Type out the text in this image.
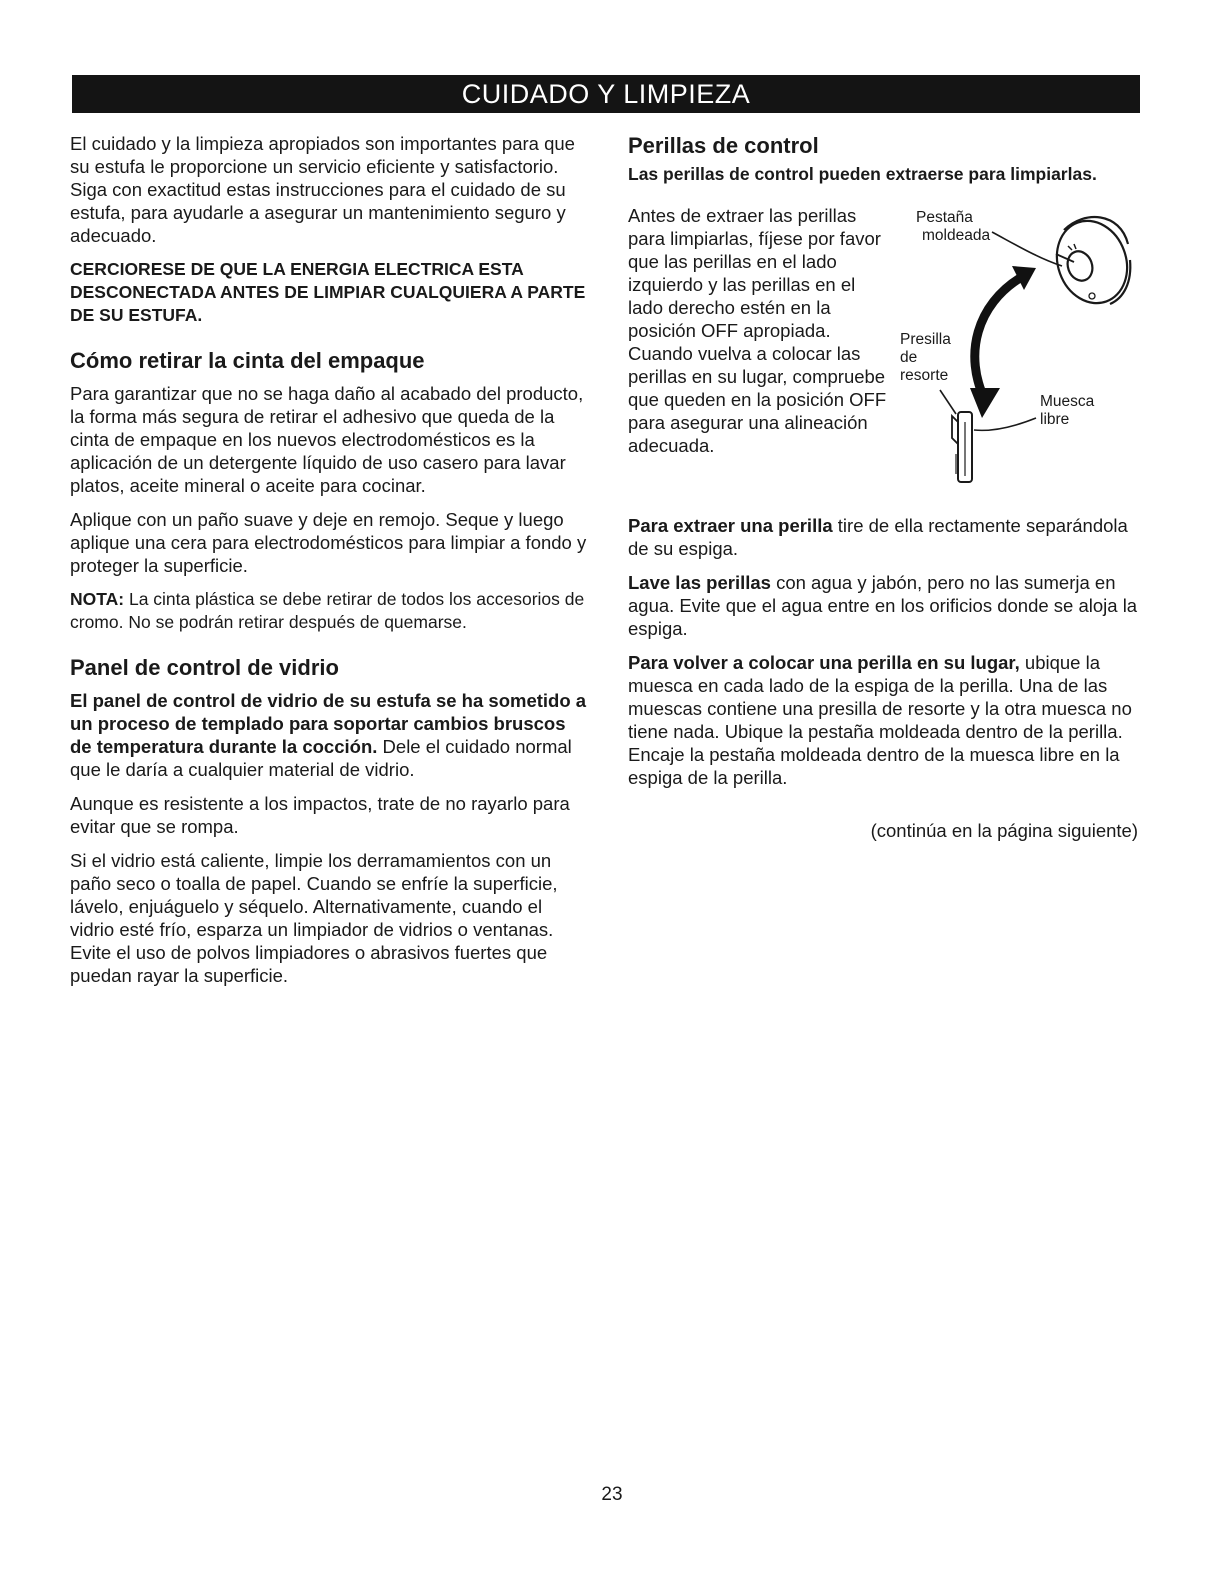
CUIDADO Y LIMPIEZA

El cuidado y la limpieza apropiados son importantes para que su estufa le proporcione un servicio eficiente y satisfactorio. Siga con exactitud estas instrucciones para el cuidado de su estufa, para ayudarle a asegurar un mantenimiento seguro y adecuado.

CERCIORESE DE QUE LA ENERGIA ELECTRICA ESTA DESCONECTADA ANTES DE LIMPIAR CUALQUIERA A PARTE DE SU ESTUFA.

Cómo retirar la cinta del empaque

Para garantizar que no se haga daño al acabado del producto, la forma más segura de retirar el adhesivo que queda de la cinta de empaque en los nuevos electrodomésticos es la aplicación de un detergente líquido de uso casero para lavar platos, aceite mineral o aceite para cocinar.

Aplique con un paño suave y deje en remojo. Seque y luego aplique una cera para electrodomésticos para limpiar a fondo y proteger la superficie.

NOTA: La cinta plástica se debe retirar de todos los accesorios de cromo. No se podrán retirar después de quemarse.

Panel de control de vidrio

El panel de control de vidrio de su estufa se ha sometido a un proceso de templado para soportar cambios bruscos de temperatura durante la cocción. Dele el cuidado normal que le daría a cualquier material de vidrio.

Aunque es resistente a los impactos, trate de no rayarlo para evitar que se rompa.

Si el vidrio está caliente, limpie los derramamientos con un paño seco o toalla de papel. Cuando se enfríe la superficie, lávelo, enjuáguelo y séquelo. Alternativamente, cuando el vidrio esté frío, esparza un limpiador de vidrios o ventanas. Evite el uso de polvos limpiadores o abrasivos fuertes que puedan rayar la superficie.

Perillas de control

Las perillas de control pueden extraerse para limpiarlas.

Antes de extraer las perillas para limpiarlas, fíjese por favor que las perillas en el lado izquierdo y las perillas en el lado derecho estén en la posición OFF apropiada. Cuando vuelva a colocar las perillas en su lugar, compruebe que queden en la posición OFF para asegurar una alineación adecuada.

Pestaña
moldeada
Presilla
de
resorte
Muesca
libre

Para extraer una perilla tire de ella rectamente separándola de su espiga.

Lave las perillas con agua y jabón, pero no las sumerja en agua. Evite que el agua entre en los orificios donde se aloja la espiga.

Para volver a colocar una perilla en su lugar, ubique la muesca en cada lado de la espiga de la perilla. Una de las muescas contiene una presilla de resorte y la otra muesca no tiene nada. Ubique la pestaña moldeada dentro de la perilla. Encaje la pestaña moldeada dentro de la muesca libre en la espiga de la perilla.

(continúa en la página siguiente)

23
